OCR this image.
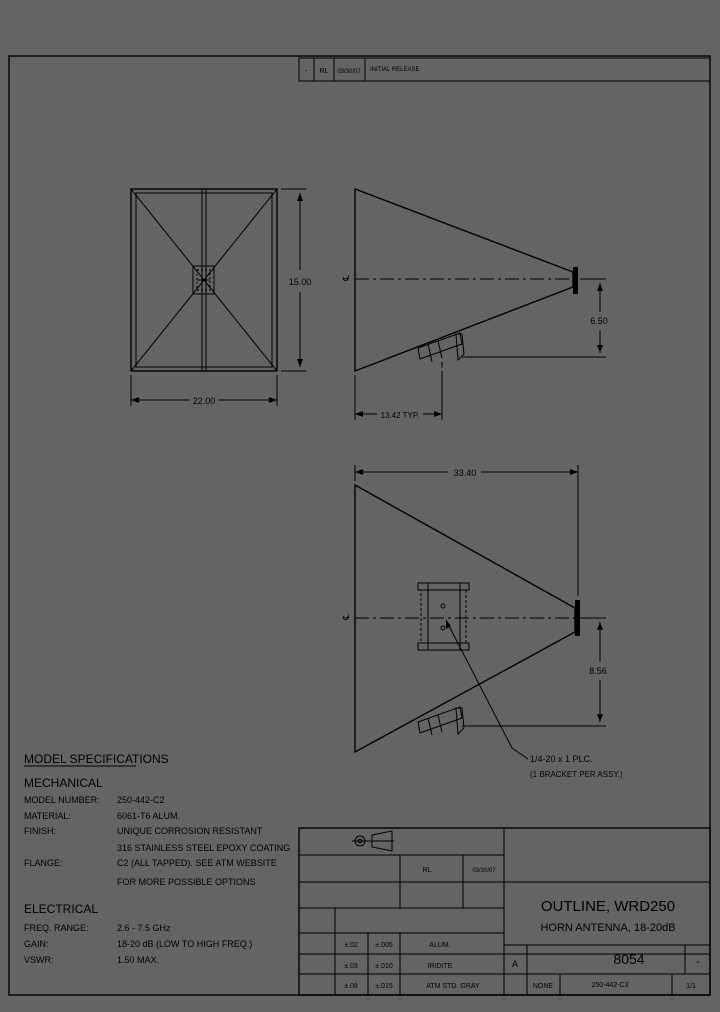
- RL 03/30/07 INITIAL RELEASE
15.00
22.00
℄
6.50
13.42 TYP.
℄
33.40
8.56
1/4-20 x 1 PLC.
(1 BRACKET PER ASSY.)
MODEL SPECIFICATIONS
MECHANICAL
MODEL NUMBER: 250-442-C2
MATERIAL:	6061-T6 ALUM.
FINISH:	UNIQUE CORROSION RESISTANT
316 STAINLESS STEEL EPOXY COATING
FLANGE:	C2 (ALL TAPPED). SEE ATM WEBSITE
FOR MORE POSSIBLE OPTIONS
ELECTRICAL
FREQ. RANGE:	2.6 - 7.5 GHz
GAIN:	18-20 dB (LOW TO HIGH FREQ.)
VSWR:	1.50 MAX.
RL	03/30/07
OUTLINE, WRD250
HORN ANTENNA, 18-20dB
A	8054	-
NONE	250-442-C3	1/1
±.02 ±.005	ALUM.
±.03 ±.010	IRIDITE
±.08 ±.015	ATM STD. GRAY
